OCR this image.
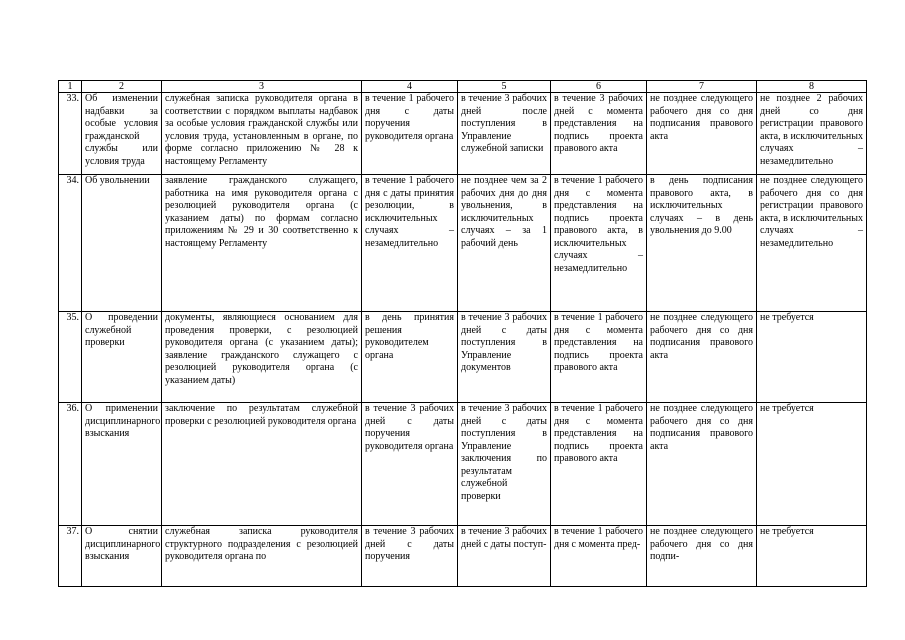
1	2	3	4	5	6	7	8
33.	Об изменении надбавки за особые условия гражданской службы или условия труда	служебная записка руководителя органа в соответствии с порядком выплаты надбавок за особые условия гражданской службы или условия труда, установленным в органе, по форме согласно приложению № 28 к настоящему Регламенту	в течение 1 рабочего дня с даты поручения руководителя органа	в течение 3 рабочих дней после поступления в Управление служебной записки	в течение 3 рабочих дней с момента представления на подпись проекта правового акта	не позднее следующего рабочего дня со дня подписания правового акта	не позднее 2 рабочих дней со дня регистрации правового акта, в исключительных случаях – незамедлительно
34.	Об увольнении	заявление гражданского служащего, работника на имя руководителя органа с резолюцией руководителя органа (с указанием даты) по формам согласно приложениям № 29 и 30 соответственно к настоящему Регламенту	в течение 1 рабочего дня с даты принятия резолюции, в исключительных случаях – незамедлительно	не позднее чем за 2 рабочих дня до дня увольнения, в исключительных случаях – за 1 рабочий день	в течение 1 рабочего дня с момента представления на подпись проекта правового акта, в исключительных случаях – незамедлительно	в день подписания правового акта, в исключительных случаях – в день увольнения до 9.00	не позднее следующего рабочего дня со дня регистрации правового акта, в исключительных случаях – незамедлительно
35.	О проведении служебной проверки	документы, являющиеся основанием для проведения проверки, с резолюцией руководителя органа (с указанием даты); заявление гражданского служащего с резолюцией руководителя органа (с указанием даты)	в день принятия решения руководителем органа	в течение 3 рабочих дней с даты поступления в Управление документов	в течение 1 рабочего дня с момента представления на подпись проекта правового акта	не позднее следующего рабочего дня со дня подписания правового акта	не требуется
36.	О применении дисциплинарного взыскания	заключение по результатам служебной проверки с резолюцией руководителя органа	в течение 3 рабочих дней с даты поручения руководителя органа	в течение 3 рабочих дней с даты поступления в Управление заключения по результатам служебной проверки	в течение 1 рабочего дня с момента представления на подпись проекта правового акта	не позднее следующего рабочего дня со дня подписания правового акта	не требуется
37.	О снятии дисциплинарного взыскания	служебная записка руководителя структурного подразделения с резолюцией руководителя органа по	в течение 3 рабочих дней с даты поручения	в течение 3 рабочих дней с даты поступ-	в течение 1 рабочего дня с момента пред-	не позднее следующего рабочего дня со дня подпи-	не требуется
